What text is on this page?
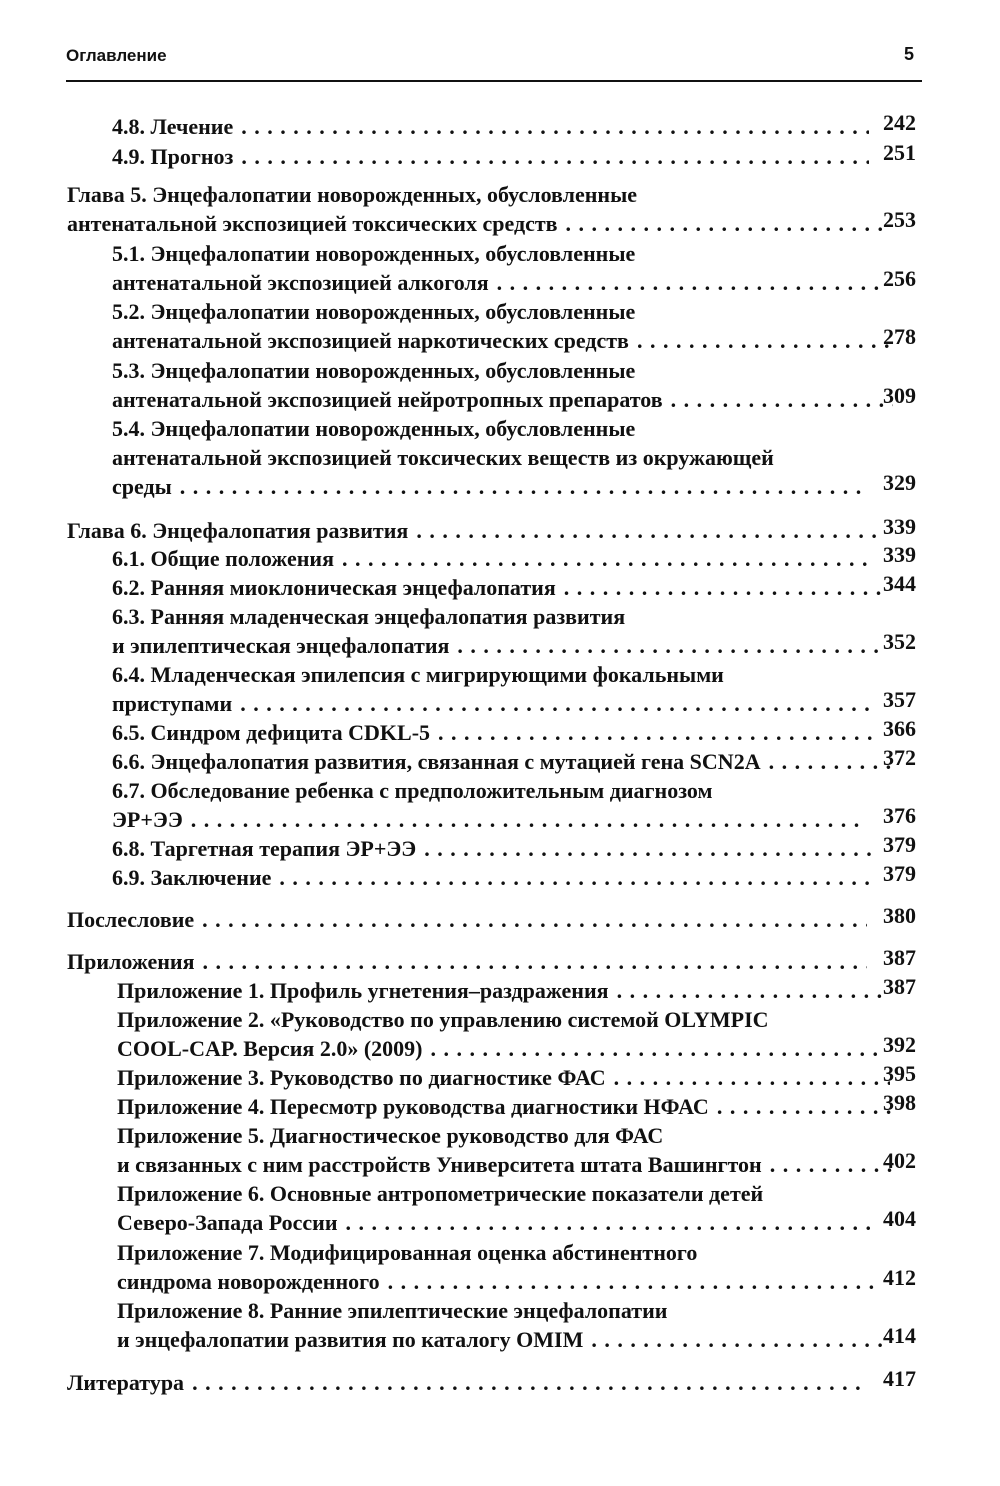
Оглавление	5
4.8. Лечение . . .	242
4.9. Прогноз . . .	251
Глава 5. Энцефалопатии новорожденных, обусловленные
антенатальной экспозицией токсических средств . . .	253
5.1. Энцефалопатии новорожденных, обусловленные
антенатальной экспозицией алкоголя . . .	256
5.2. Энцефалопатии новорожденных, обусловленные
антенатальной экспозицией наркотических средств . . .	278
5.3. Энцефалопатии новорожденных, обусловленные
антенатальной экспозицией нейротропных препаратов . . .	309
5.4. Энцефалопатии новорожденных, обусловленные
антенатальной экспозицией токсических веществ из окружающей
среды . . .	329
Глава 6. Энцефалопатия развития . . .	339
6.1. Общие положения . . .	339
6.2. Ранняя миоклоническая энцефалопатия . . .	344
6.3. Ранняя младенческая энцефалопатия развития
и эпилептическая энцефалопатия . . .	352
6.4. Младенческая эпилепсия с мигрирующими фокальными
приступами . . .	357
6.5. Синдром дефицита CDKL-5 . . .	366
6.6. Энцефалопатия развития, связанная с мутацией гена SCN2A . . .	372
6.7. Обследование ребенка с предположительным диагнозом
ЭР+ЭЭ . . .	376
6.8. Таргетная терапия ЭР+ЭЭ . . .	379
6.9. Заключение . . .	379
Послесловие . . .	380
Приложения . . .	387
Приложение 1. Профиль угнетения–раздражения . . .	387
Приложение 2. «Руководство по управлению системой OLYMPIC
COOL-CAP. Версия 2.0» (2009) . . .	392
Приложение 3. Руководство по диагностике ФАС . . .	395
Приложение 4. Пересмотр руководства диагностики НФАС . . .	398
Приложение 5. Диагностическое руководство для ФАС
и связанных с ним расстройств Университета штата Вашингтон . . .	402
Приложение 6. Основные антропометрические показатели детей
Северо-Запада России . . .	404
Приложение 7. Модифицированная оценка абстинентного
синдрома новорожденного . . .	412
Приложение 8. Ранние эпилептические энцефалопатии
и энцефалопатии развития по каталогу OMIM . . .	414
Литература . . .	417
